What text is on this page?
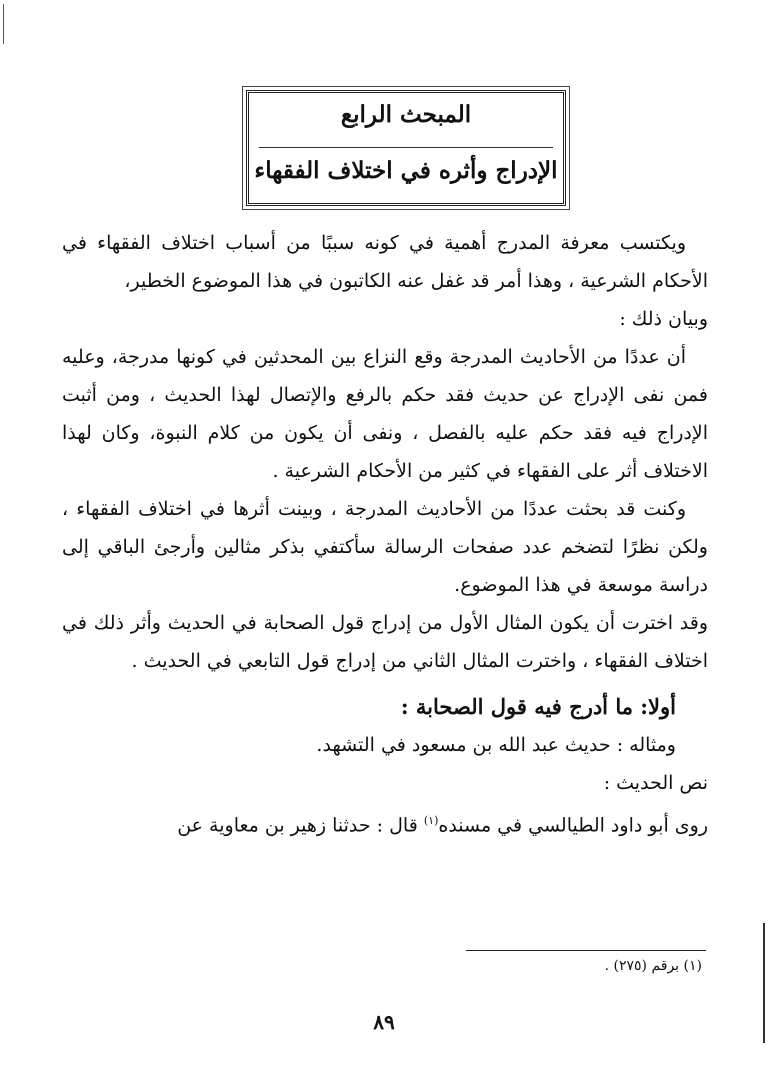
المبحث الرابع
الإدراج وأثره في اختلاف الفقهاء

ويكتسب معرفة المدرج أهمية في كونه سببًا من أسباب اختلاف الفقهاء في الأحكام الشرعية ، وهذا أمر قد غفل عنه الكاتبون في هذا الموضوع الخطير،

وبيان ذلك :

أن عددًا من الأحاديث المدرجة وقع النزاع بين المحدثين في كونها مدرجة، وعليه فمن نفى الإدراج عن حديث فقد حكم بالرفع والإتصال لهذا الحديث ، ومن أثبت الإدراج فيه فقد حكم عليه بالفصل ، ونفى أن يكون من كلام النبوة، وكان لهذا الاختلاف أثر على الفقهاء في كثير من الأحكام الشرعية .

وكنت قد بحثت عددًا من الأحاديث المدرجة ، وبينت أثرها في اختلاف الفقهاء ، ولكن نظرًا لتضخم عدد صفحات الرسالة سأكتفي بذكر مثالين وأرجئ الباقي إلى دراسة موسعة في هذا الموضوع.

وقد اخترت أن يكون المثال الأول من إدراج قول الصحابة في الحديث وأثر ذلك في اختلاف الفقهاء ، واخترت المثال الثاني من إدراج قول التابعي في الحديث .

أولا: ما أدرج فيه قول الصحابة :

ومثاله : حديث عبد الله بن مسعود في التشهد.

نص الحديث :

روى أبو داود الطيالسي في مسنده$^{(١)}$ قال : حدثنا زهير بن معاوية عن

(١) برقم (٢٧٥) .
٨٩
